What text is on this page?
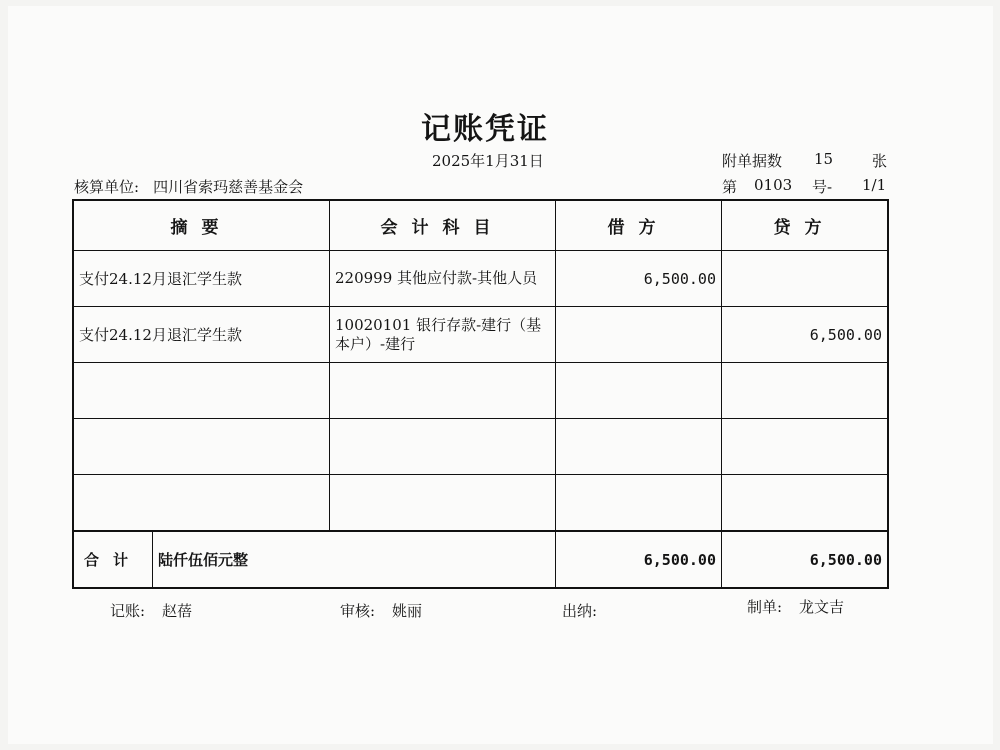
记账凭证
2025年1月31日	附单据数 15	张
核算单位: 四川省索玛慈善基金会	第 0103 号- 1/1
摘要		会计科目	借方	贷方
支付24.12月退汇学生款		220999 其他应付款-其他人员	6,500.00	
支付24.12月退汇学生款		10020101 银行存款-建行（基本户）-建行		6,500.00

合计	陆仟伍佰元整		6,500.00	6,500.00
记账: 赵蓓	审核: 姚丽	出纳:	制单: 龙文吉
